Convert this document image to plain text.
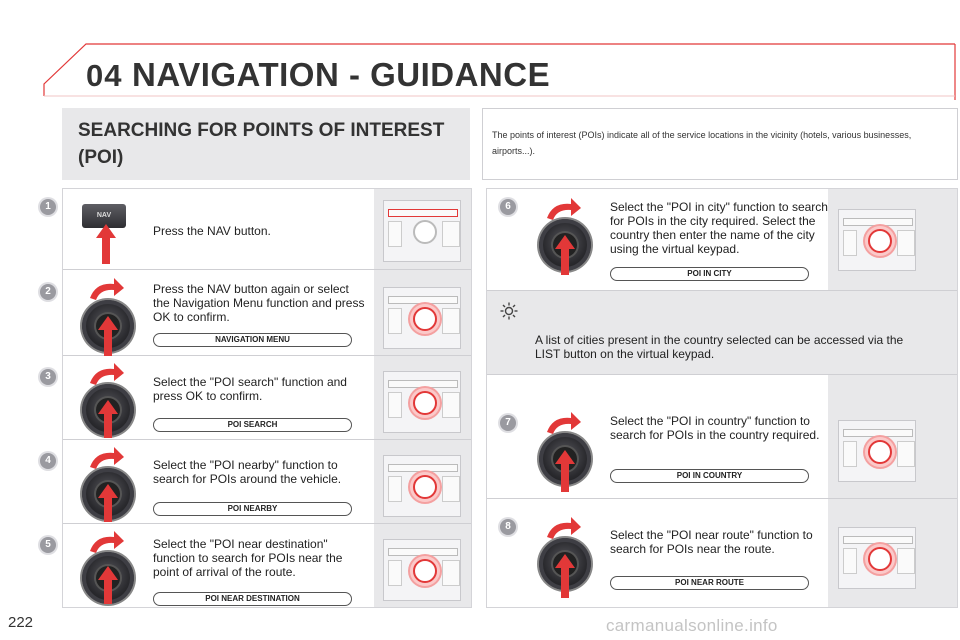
04 NAVIGATION - GUIDANCE
SEARCHING FOR POINTS OF INTEREST (POI)
The points of interest (POIs) indicate all of the service locations in the vicinity (hotels, various businesses, airports...).
1
NAV
Press the NAV button.
2	Press the NAV button again or select the Navigation Menu function and press OK to confirm.
NAVIGATION MENU
3	Select the "POI search" function and press OK to confirm.
POI SEARCH
4	Select the "POI nearby" function to search for POIs around the vehicle.
POI NEARBY
5	Select the "POI near destination" function to search for POIs near the point of arrival of the route.
POI NEAR DESTINATION
6	Select the "POI in city" function to search for POIs in the city required. Select the country then enter the name of the city using the virtual keypad.
POI IN CITY
A list of cities present in the country selected can be accessed via the LIST button on the virtual keypad.
7	Select the "POI in country" function to search for POIs in the country required.
POI IN COUNTRY
8
Select the "POI near route" function to search for POIs near the route.
POI NEAR ROUTE
222	carmanualsonline.info
